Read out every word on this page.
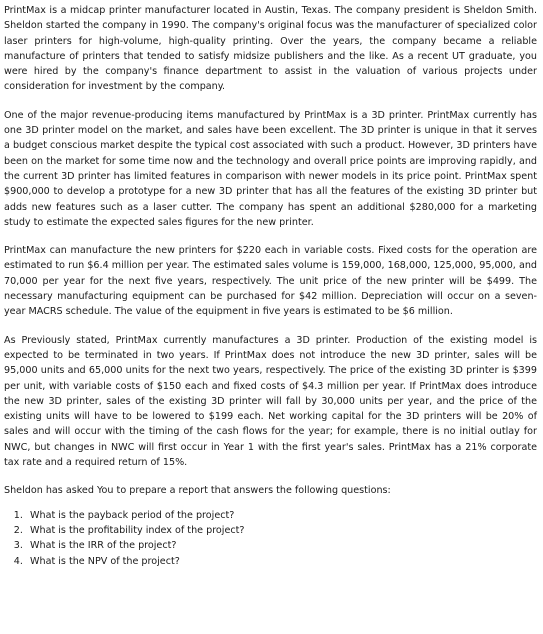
PrintMax is a midcap printer manufacturer located in Austin, Texas. The company president is Sheldon Smith. Sheldon started the company in 1990. The company's original focus was the manufacturer of specialized color laser printers for high-volume, high-quality printing. Over the years, the company became a reliable manufacture of printers that tended to satisfy midsize publishers and the like. As a recent UT graduate, you were hired by the company's finance department to assist in the valuation of various projects under consideration for investment by the company.

One of the major revenue-producing items manufactured by PrintMax is a 3D printer. PrintMax currently has one 3D printer model on the market, and sales have been excellent. The 3D printer is unique in that it serves a budget conscious market despite the typical cost associated with such a product. However, 3D printers have been on the market for some time now and the technology and overall price points are improving rapidly, and the current 3D printer has limited features in comparison with newer models in its price point. PrintMax spent $900,000 to develop a prototype for a new 3D printer that has all the features of the existing 3D printer but adds new features such as a laser cutter. The company has spent an additional $280,000 for a marketing study to estimate the expected sales figures for the new printer.

PrintMax can manufacture the new printers for $220 each in variable costs. Fixed costs for the operation are estimated to run $6.4 million per year. The estimated sales volume is 159,000, 168,000, 125,000, 95,000, and 70,000 per year for the next five years, respectively. The unit price of the new printer will be $499. The necessary manufacturing equipment can be purchased for $42 million. Depreciation will occur on a seven-year MACRS schedule. The value of the equipment in five years is estimated to be $6 million.

As Previously stated, PrintMax currently manufactures a 3D printer. Production of the existing model is expected to be terminated in two years. If PrintMax does not introduce the new 3D printer, sales will be 95,000 units and 65,000 units for the next two years, respectively. The price of the existing 3D printer is $399 per unit, with variable costs of $150 each and fixed costs of $4.3 million per year. If PrintMax does introduce the new 3D printer, sales of the existing 3D printer will fall by 30,000 units per year, and the price of the existing units will have to be lowered to $199 each. Net working capital for the 3D printers will be 20% of sales and will occur with the timing of the cash flows for the year; for example, there is no initial outlay for NWC, but changes in NWC will first occur in Year 1 with the first year's sales. PrintMax has a 21% corporate tax rate and a required return of 15%.

Sheldon has asked You to prepare a report that answers the following questions:

1. What is the payback period of the project?
2. What is the profitability index of the project?
3. What is the IRR of the project?
4. What is the NPV of the project?
